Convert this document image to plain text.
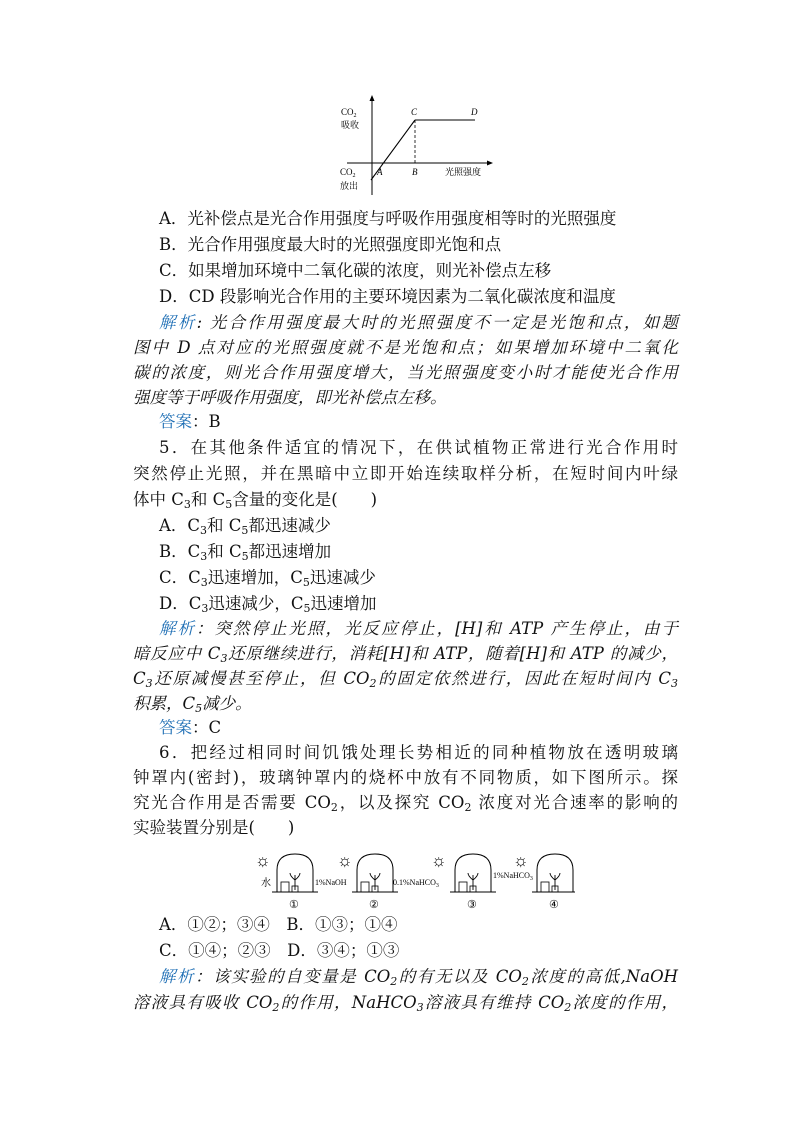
$CO_2$
吸收
$CO_2$
放出
A	B
C	D
光照强度
A．光补偿点是光合作用强度与呼吸作用强度相等时的光照强度
B．光合作用强度最大时的光照强度即光饱和点
C．如果增加环境中二氧化碳的浓度，则光补偿点左移
D．CD 段影响光合作用的主要环境因素为二氧化碳浓度和温度
解析: 光合作用强度最大时的光照强度不一定是光饱和点，如题
图中 D 点对应的光照强度就不是光饱和点；如果增加环境中二氧化
碳的浓度，则光合作用强度增大，当光照强度变小时才能使光合作用
强度等于呼吸作用强度，即光补偿点左移。
答案：B
5．在其他条件适宜的情况下，在供试植物正常进行光合作用时
突然停止光照，并在黑暗中立即开始连续取样分析，在短时间内叶绿
体中 $C_3$和 $C_5$含量的变化是(　　)
A．$C_3$和 $C_5$都迅速减少
B．$C_3$和 $C_5$都迅速增加
C．$C_3$迅速增加，$C_5$迅速减少
D．$C_3$迅速减少，$C_5$迅速增加
解析：突然停止光照，光反应停止，[H]和 ATP 产生停止，由于
暗反应中 $C_3$还原继续进行，消耗[H]和 ATP，随着[H]和 ATP 的减少，
$C_3$还原减慢甚至停止，但 $CO_2$的固定依然进行，因此在短时间内 $C_3$
积累，$C_5$减少。
答案：C
6．把经过相同时间饥饿处理长势相近的同种植物放在透明玻璃
钟罩内(密封)，玻璃钟罩内的烧杯中放有不同物质，如下图所示。探
究光合作用是否需要 $CO_2$，以及探究 $CO_2$ 浓度对光合速率的影响的
实验装置分别是(　　)
☼
水
①
☼
1%NaOH
②
☼
0.1%NaHCO$_3$
③
☼
1%NaHCO$_3$
④
A．①②；③④　 B．①③；①④
C．①④；②③　 D．③④；①③
解析：该实验的自变量是 $CO_2$的有无以及 $CO_2$浓度的高低,NaOH
溶液具有吸收 $CO_2$的作用，NaHCO$_3$溶液具有维持 $CO_2$浓度的作用，
